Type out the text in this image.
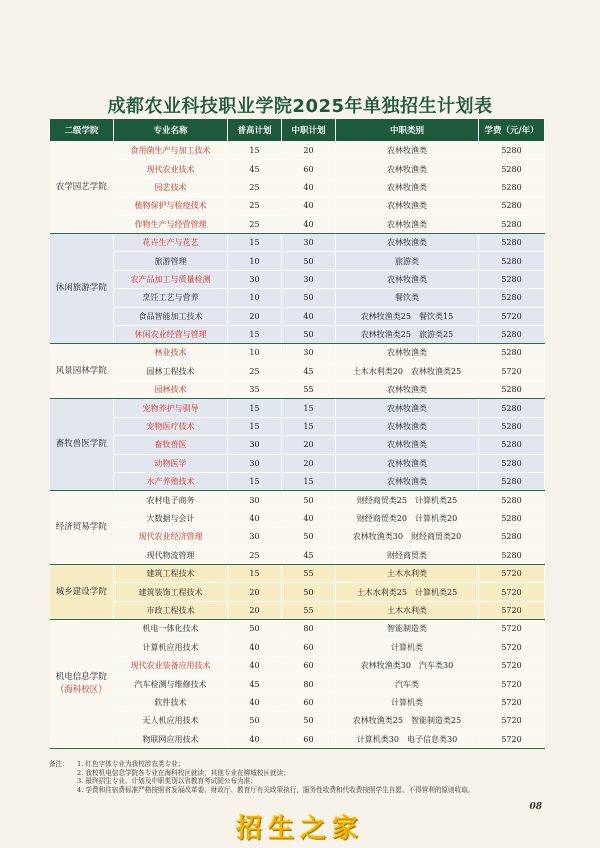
成都农业科技职业学院2025年单独招生计划表
二级学院	专业名称	普高计划	中职计划	中职类别	学费（元/年）

农学园艺学院	食用菌生产与加工技术	15	20	农林牧渔类	5280
	现代农业技术	45	60	农林牧渔类	5280
	园艺技术	25	40	农林牧渔类	5280
	植物保护与检疫技术	25	40	农林牧渔类	5280
	作物生产与经营管理	25	40	农林牧渔类	5280

休闲旅游学院	花卉生产与花艺	15	30	农林牧渔类	5280
	旅游管理	10	50	旅游类	5280
	农产品加工与质量检测	30	30	农林牧渔类	5280
	烹饪工艺与营养	10	50	餐饮类	5280
	食品智能加工技术	20	40	农林牧渔类25　餐饮类15	5720
	休闲农业经营与管理	15	50	农林牧渔类25　旅游类25	5280

风景园林学院	林业技术	10	30	农林牧渔类	5280
	园林工程技术	25	45	土木水利类20　农林牧渔类25	5720
	园林技术	35	55	农林牧渔类	5280

畜牧兽医学院	宠物养护与驯导	15	15	农林牧渔类	5280
	宠物医疗技术	15	15	农林牧渔类	5280
	畜牧兽医	30	20	农林牧渔类	5280
	动物医学	30	20	农林牧渔类	5280
	水产养殖技术	15	15	农林牧渔类	5280

经济贸易学院	农村电子商务	30	50	财经商贸类25　计算机类25	5280
	大数据与会计	40	40	财经商贸类20　计算机类20	5280
	现代农业经济管理	30	50	农林牧渔类30　财经商贸类20	5280
	现代物流管理	25	45	财经商贸类	5280

城乡建设学院	建筑工程技术	15	55	土木水利类	5720
	建筑装饰工程技术	20	50	土木水利类25　计算机类25	5720
	市政工程技术	20	55	土木水利类	5720

机电信息学院
（海科校区）	机电一体化技术	50	80	智能制造类	5720
	计算机应用技术	40	60	计算机类	5720
	现代农业装备应用技术	40	60	农林牧渔类30　汽车类30	5720
	汽车检测与维修技术	45	80	汽车类	5720
	软件技术	40	60	计算机类	5720
	无人机应用技术	50	50	农林牧渔类25　智能制造类25	5720
	物联网应用技术	40	60	计算机类30　电子信息类30	5720
备注： 1. 红色字体专业为我校涉农类专业；
2. 我校机电信息学院各专业在海科校区就读，其他专业在柳城校区就读；
3. 最终招生专业、计划及中职类别以省教育考试院公布为准；
4. 学费和住宿费标准严格按照省发展改革委、财政厅、教育厅有关政策执行，服务性收费和代收费按照学生自愿、不得营利的原则收取。
08
招生之家
